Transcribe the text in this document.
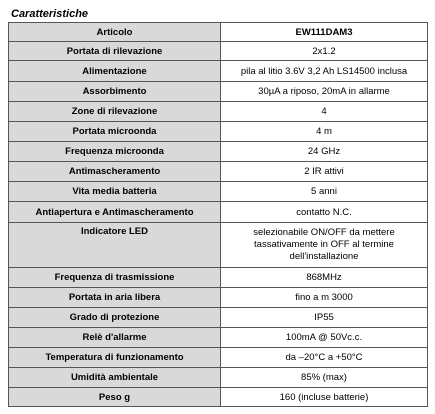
Caratteristiche
Articolo	EW111DAM3
Portata di rilevazione	2x1.2
Alimentazione	pila al litio 3.6V 3,2 Ah LS14500 inclusa
Assorbimento	30µA a riposo, 20mA in allarme
Zone di rilevazione	4
Portata microonda	4 m
Frequenza microonda	24 GHz
Antimascheramento	2 IR attivi
Vita media batteria	5 anni
Antiapertura e Antimascheramento	contatto N.C.
Indicatore LED	selezionabile ON/OFF da mettere tassativamente in OFF al termine dell'installazione
Frequenza di trasmissione	868MHz
Portata in aria libera	fino a m 3000
Grado di protezione	IP55
Relè d'allarme	100mA @ 50Vc.c.
Temperatura di funzionamento	da –20°C a +50°C
Umidità ambientale	85% (max)
Peso g	160 (incluse batterie)
